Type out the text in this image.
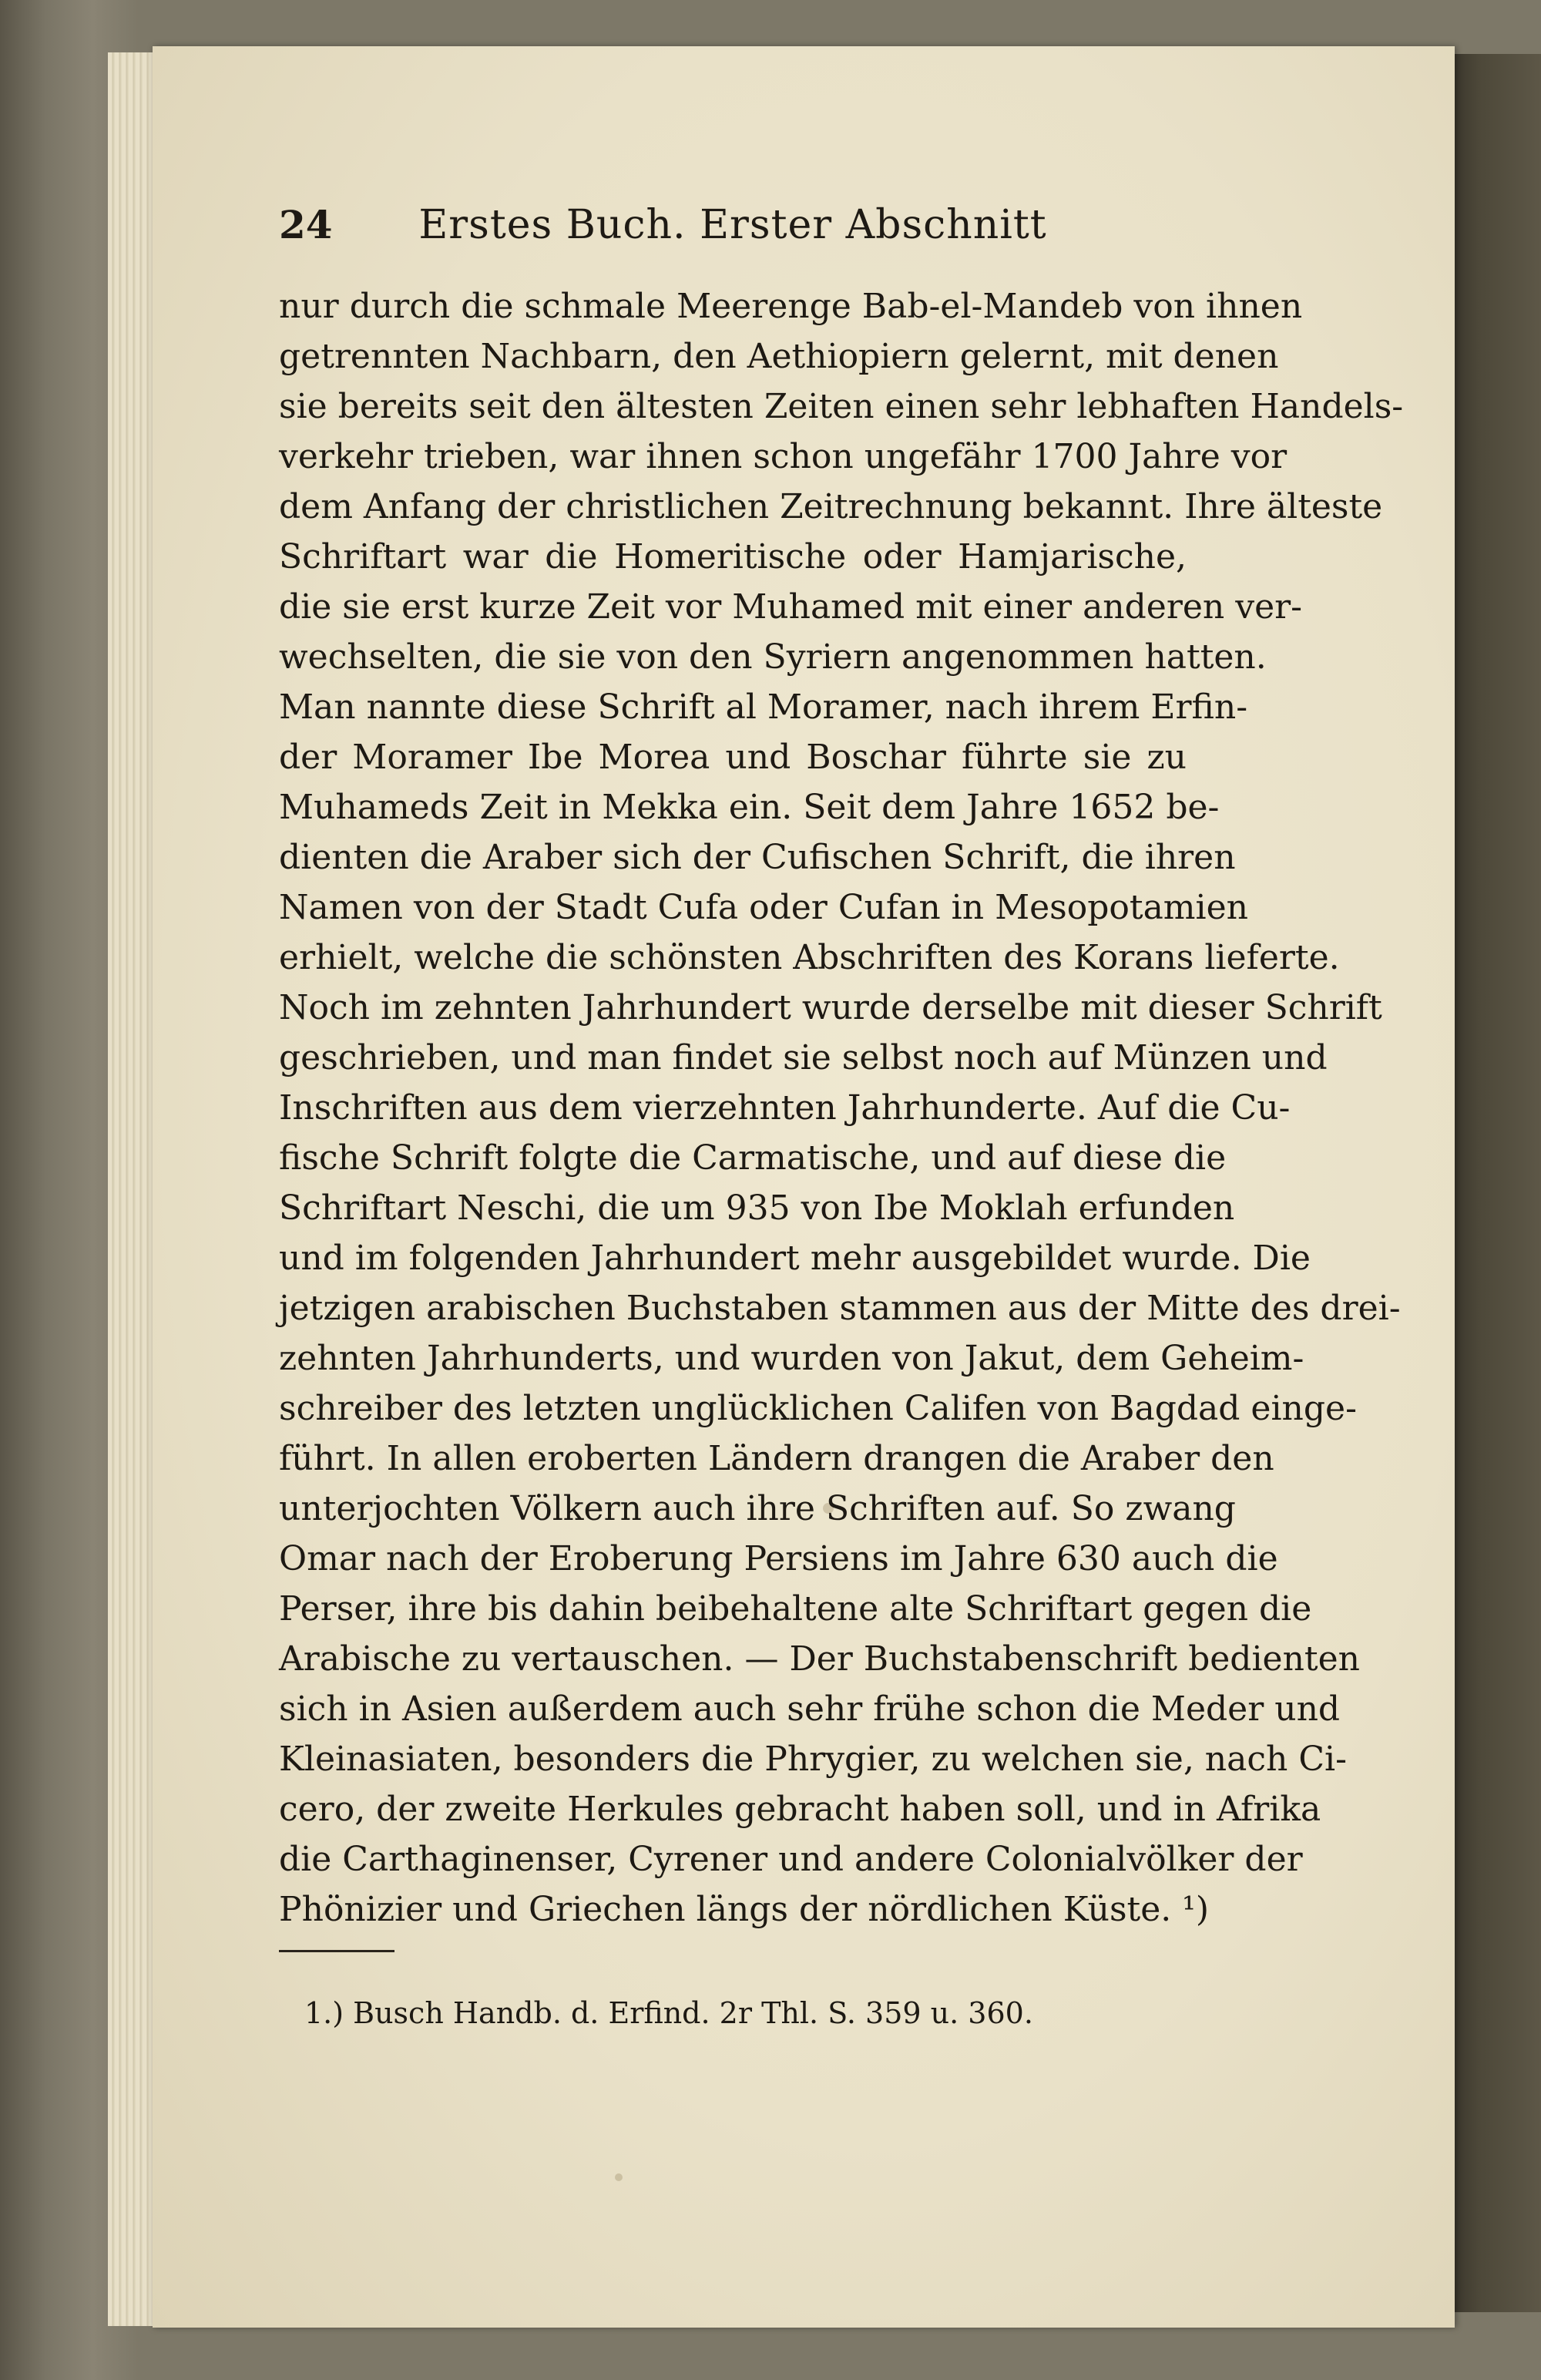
24	Erstes Buch. Erster Abschnitt
nur durch die schmale Meerenge Bab-el-Mandeb von ihnen
getrennten Nachbarn, den Aethiopiern gelernt, mit denen
sie bereits seit den ältesten Zeiten einen sehr lebhaften Handels-
verkehr trieben, war ihnen schon ungefähr 1700 Jahre vor
dem Anfang der christlichen Zeitrechnung bekannt. Ihre älteste
Schriftart war die Homeritische oder Hamjarische,
die sie erst kurze Zeit vor Muhamed mit einer anderen ver-
wechselten, die sie von den Syriern angenommen hatten.
Man nannte diese Schrift al Moramer, nach ihrem Erfin-
der Moramer Ibe Morea und Boschar führte sie zu
Muhameds Zeit in Mekka ein. Seit dem Jahre 1652 be-
dienten die Araber sich der Cufischen Schrift, die ihren
Namen von der Stadt Cufa oder Cufan in Mesopotamien
erhielt, welche die schönsten Abschriften des Korans lieferte.
Noch im zehnten Jahrhundert wurde derselbe mit dieser Schrift
geschrieben, und man findet sie selbst noch auf Münzen und
Inschriften aus dem vierzehnten Jahrhunderte. Auf die Cu-
fische Schrift folgte die Carmatische, und auf diese die
Schriftart Neschi, die um 935 von Ibe Moklah erfunden
und im folgenden Jahrhundert mehr ausgebildet wurde. Die
jetzigen arabischen Buchstaben stammen aus der Mitte des drei-
zehnten Jahrhunderts, und wurden von Jakut, dem Geheim-
schreiber des letzten unglücklichen Califen von Bagdad einge-
führt. In allen eroberten Ländern drangen die Araber den
unterjochten Völkern auch ihre Schriften auf. So zwang
Omar nach der Eroberung Persiens im Jahre 630 auch die
Perser, ihre bis dahin beibehaltene alte Schriftart gegen die
Arabische zu vertauschen. — Der Buchstabenschrift bedienten
sich in Asien außerdem auch sehr frühe schon die Meder und
Kleinasiaten, besonders die Phrygier, zu welchen sie, nach Ci-
cero, der zweite Herkules gebracht haben soll, und in Afrika
die Carthaginenser, Cyrener und andere Colonialvölker der
Phönizier und Griechen längs der nördlichen Küste. ¹)
1.) Busch Handb. d. Erfind. 2r Thl. S. 359 u. 360.
